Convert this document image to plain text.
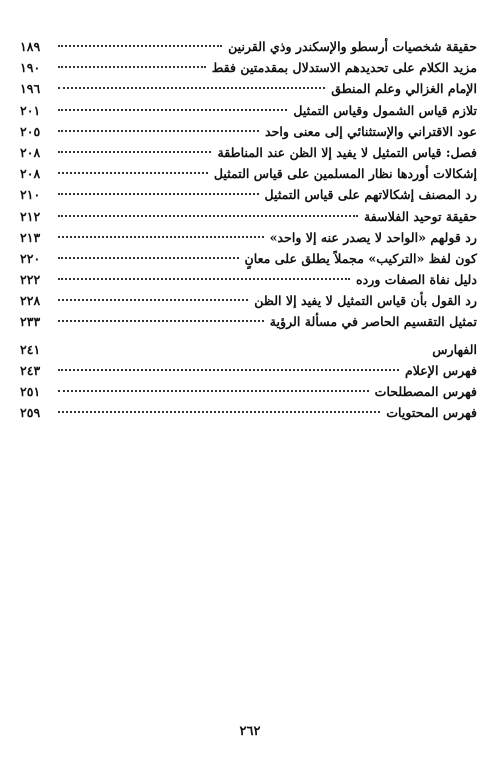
حقيقة شخصيات أرسطو والإسكندر وذي القرنين
١٨٩
مزيد الكلام على تحديدهم الاستدلال بمقدمتين فقط
١٩٠
الإمام الغزالي وعلم المنطق
١٩٦
تلازم قياس الشمول وقياس التمثيل
٢٠١
عود الاقتراني والإستثنائي إلى معنى واحد
٢٠٥
فصل: قياس التمثيل لا يفيد إلا الظن عند المناطقة
٢٠٨
إشكالات أوردها نظار المسلمين على قياس التمثيل
٢٠٨
رد المصنف إشكالاتهم على قياس التمثيل
٢١٠
حقيقة توحيد الفلاسفة
٢١٢
رد قولهم «الواحد لا يصدر عنه إلا واحد»
٢١٣
كون لفظ «التركيب» مجملاً يطلق على معانٍ
٢٢٠
دليل نفاة الصفات ورده
٢٢٢
رد القول بأن قياس التمثيل لا يفيد إلا الظن
٢٢٨
تمثيل التقسيم الحاصر في مسألة الرؤية
٢٣٣
الفهارس
٢٤١
فهرس الإعلام
٢٤٣
فهرس المصطلحات
٢٥١
فهرس المحتويات
٢٥٩
٢٦٢
